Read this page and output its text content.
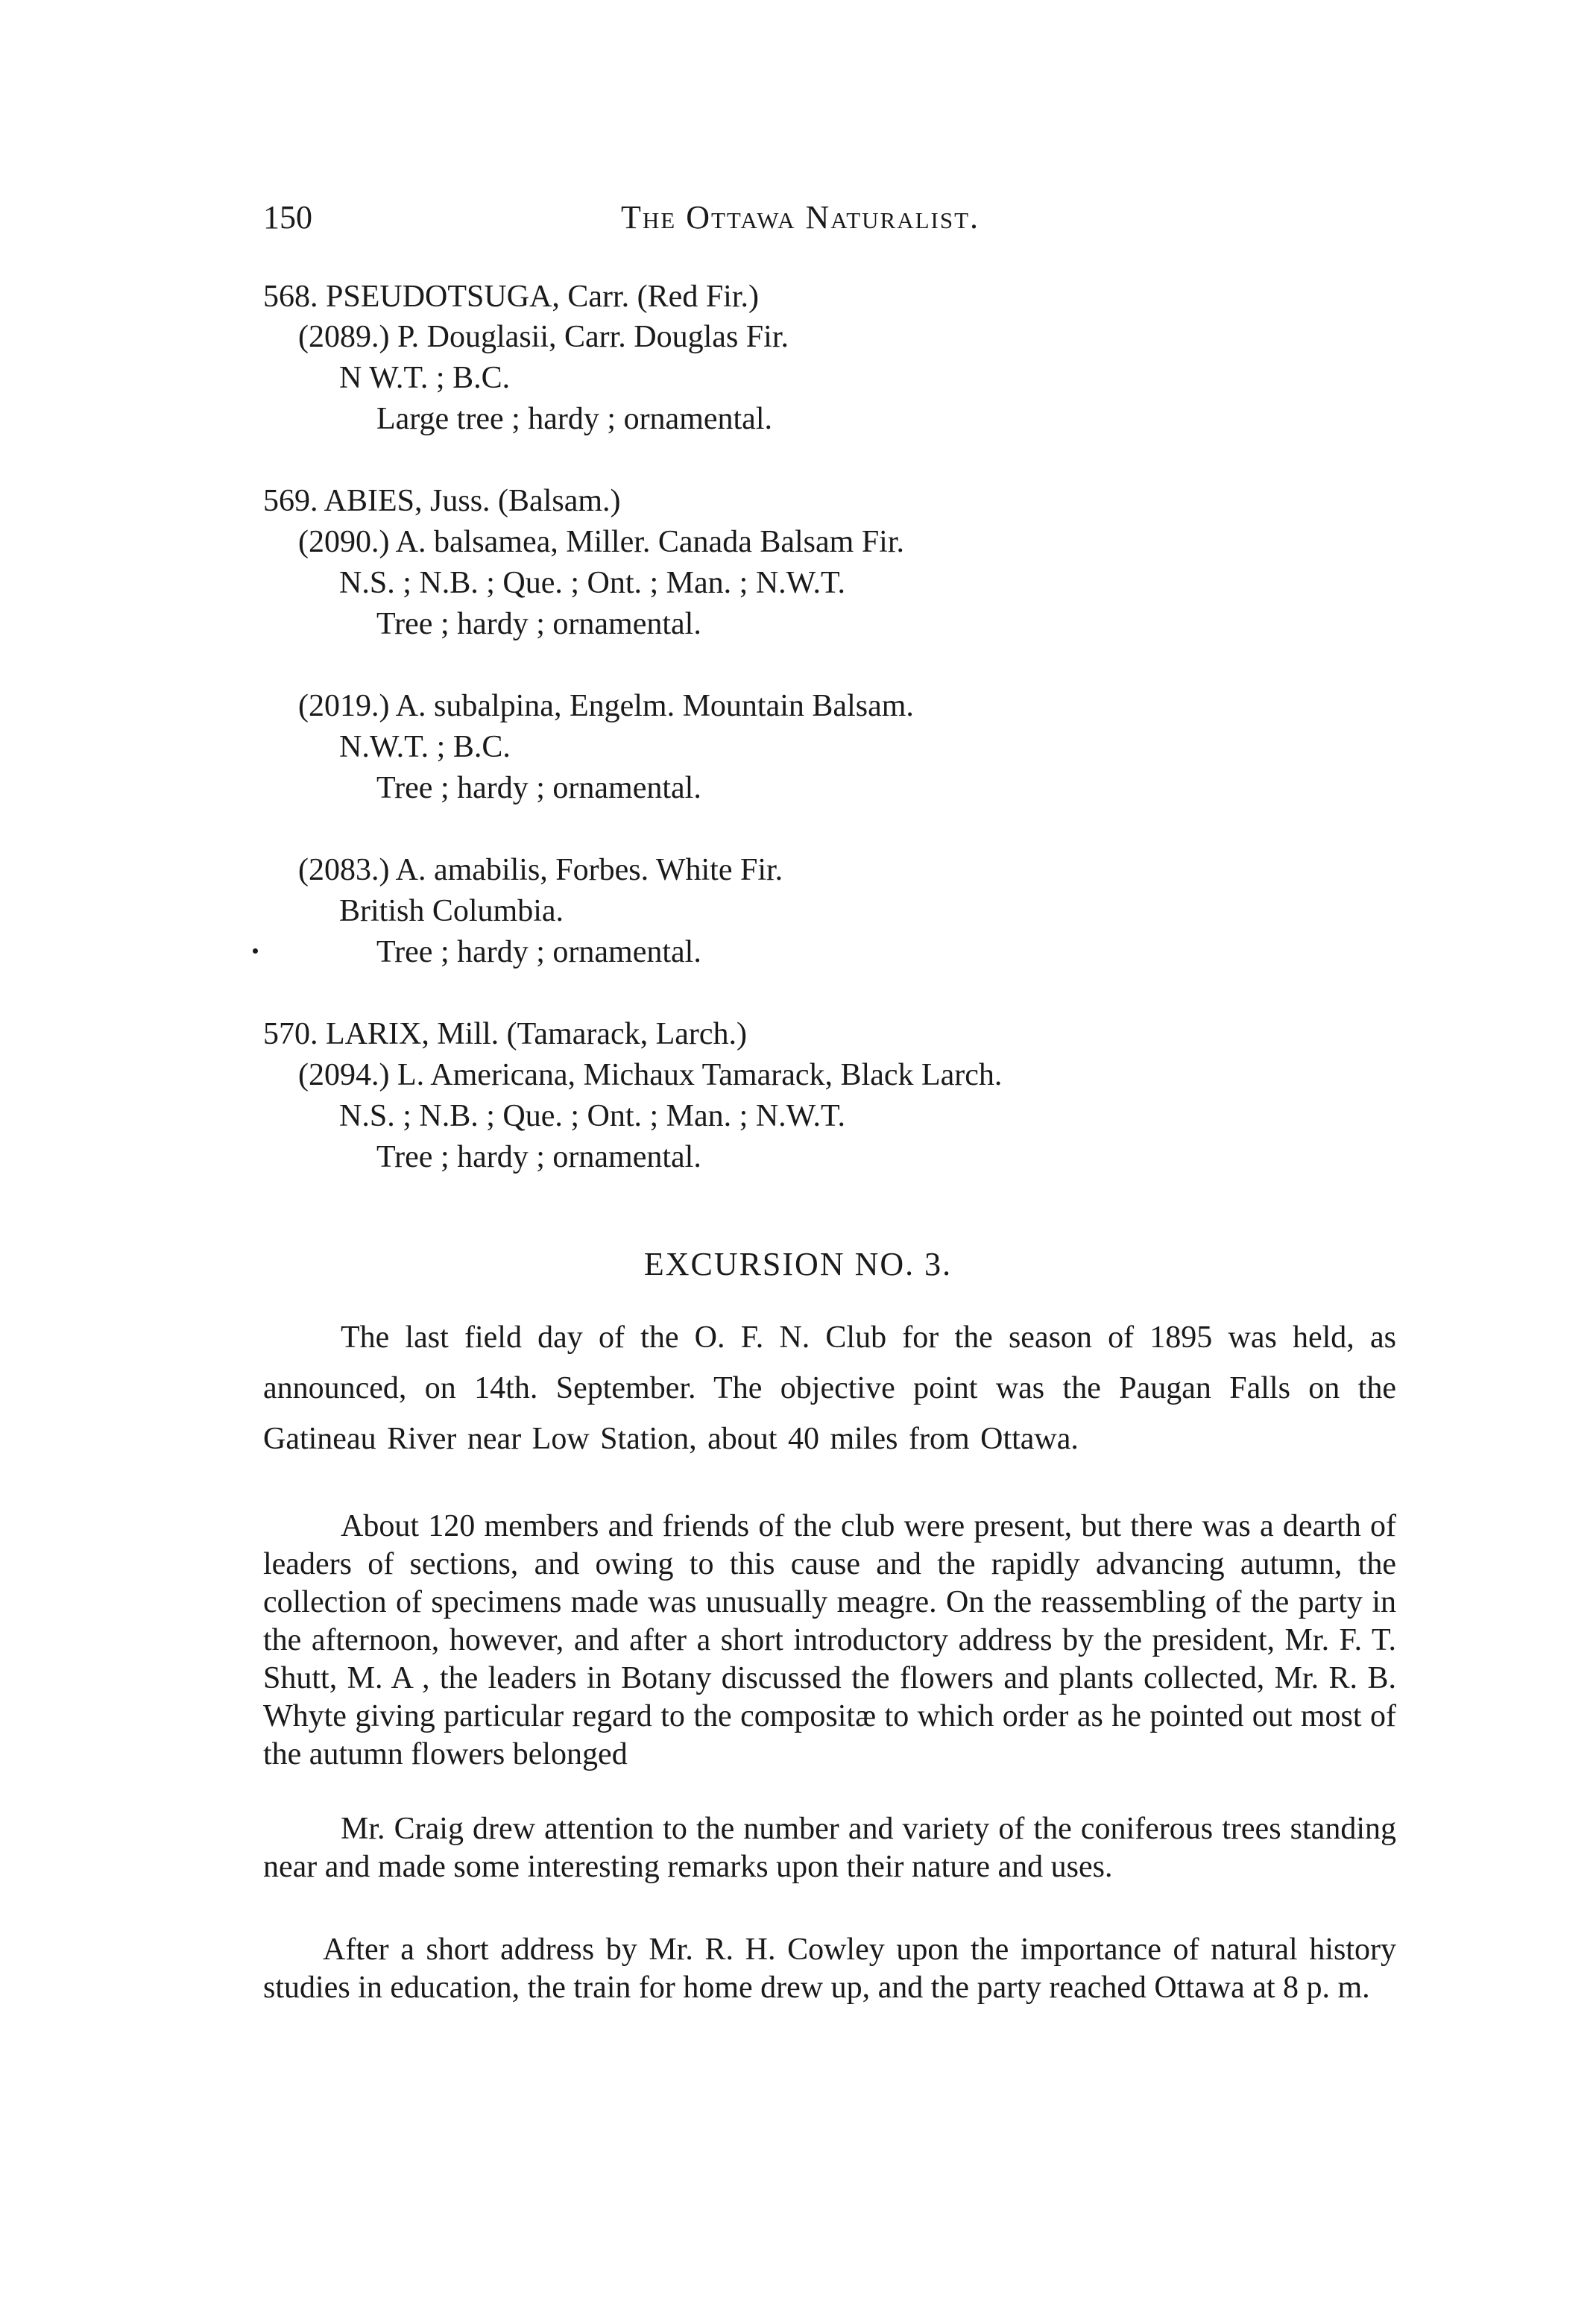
150	The Ottawa Naturalist.
568. PSEUDOTSUGA, Carr. (Red Fir.)
(2089.) P. Douglasii, Carr. Douglas Fir.
N W.T. ; B.C.
Large tree ; hardy ; ornamental.
569. ABIES, Juss. (Balsam.)
(2090.) A. balsamea, Miller. Canada Balsam Fir.
N.S. ; N.B. ; Que. ; Ont. ; Man. ; N.W.T.
Tree ; hardy ; ornamental.
(2019.) A. subalpina, Engelm. Mountain Balsam.
N.W.T. ; B.C.
Tree ; hardy ; ornamental.
(2083.) A. amabilis, Forbes. White Fir.
British Columbia.
Tree ; hardy ; ornamental.
570. LARIX, Mill. (Tamarack, Larch.)
(2094.) L. Americana, Michaux Tamarack, Black Larch.
N.S. ; N.B. ; Que. ; Ont. ; Man. ; N.W.T.
Tree ; hardy ; ornamental.
EXCURSION NO. 3.

The last field day of the O. F. N. Club for the season of 1895 was held, as announced, on 14th. September. The objective point was the Paugan Falls on the Gatineau River near Low Station, about 40 miles from Ottawa.

About 120 members and friends of the club were present, but there was a dearth of leaders of sections, and owing to this cause and the rapidly advancing autumn, the collection of specimens made was unusually meagre. On the reassembling of the party in the afternoon, however, and after a short introductory address by the president, Mr. F. T. Shutt, M. A , the leaders in Botany discussed the flowers and plants collected, Mr. R. B. Whyte giving particular regard to the compositæ to which order as he pointed out most of the autumn flowers belonged

Mr. Craig drew attention to the number and variety of the coniferous trees standing near and made some interesting remarks upon their nature and uses.

After a short address by Mr. R. H. Cowley upon the importance of natural history studies in education, the train for home drew up, and the party reached Ottawa at 8 p. m.
